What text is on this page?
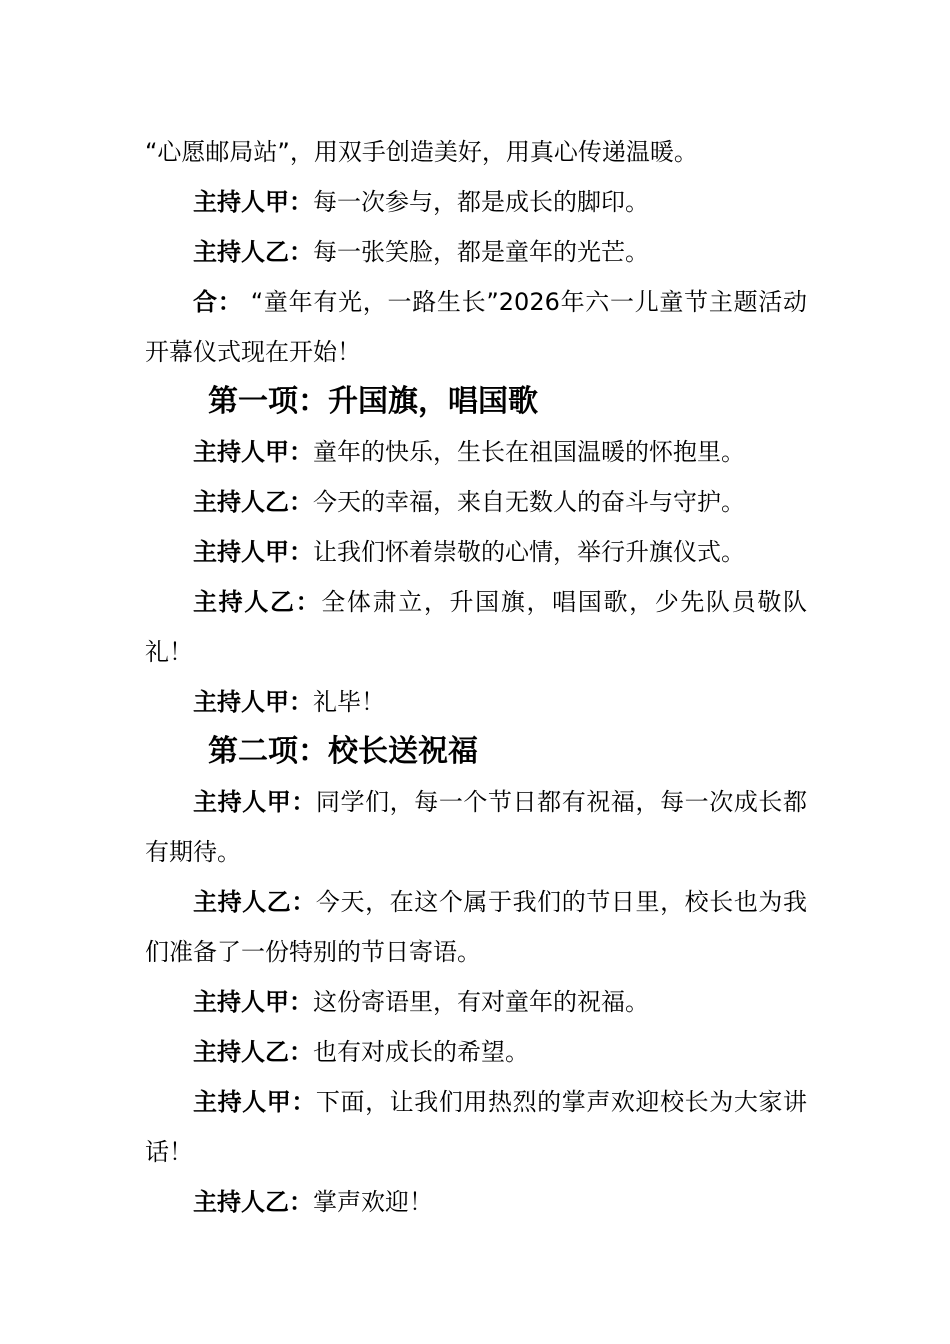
“心愿邮局站”，用双手创造美好，用真心传递温暖。

主持人甲：每一次参与，都是成长的脚印。

主持人乙：每一张笑脸，都是童年的光芒。

合： “童年有光，一路生长”2026年六一儿童节主题活动开幕仪式现在开始！

第一项：升国旗，唱国歌

主持人甲：童年的快乐，生长在祖国温暖的怀抱里。

主持人乙：今天的幸福，来自无数人的奋斗与守护。

主持人甲：让我们怀着崇敬的心情，举行升旗仪式。

主持人乙：全体肃立，升国旗，唱国歌，少先队员敬队礼！

主持人甲：礼毕！

第二项：校长送祝福

主持人甲：同学们，每一个节日都有祝福，每一次成长都有期待。

主持人乙：今天，在这个属于我们的节日里，校长也为我们准备了一份特别的节日寄语。

主持人甲：这份寄语里，有对童年的祝福。

主持人乙：也有对成长的希望。

主持人甲：下面，让我们用热烈的掌声欢迎校长为大家讲话！

主持人乙：掌声欢迎！
